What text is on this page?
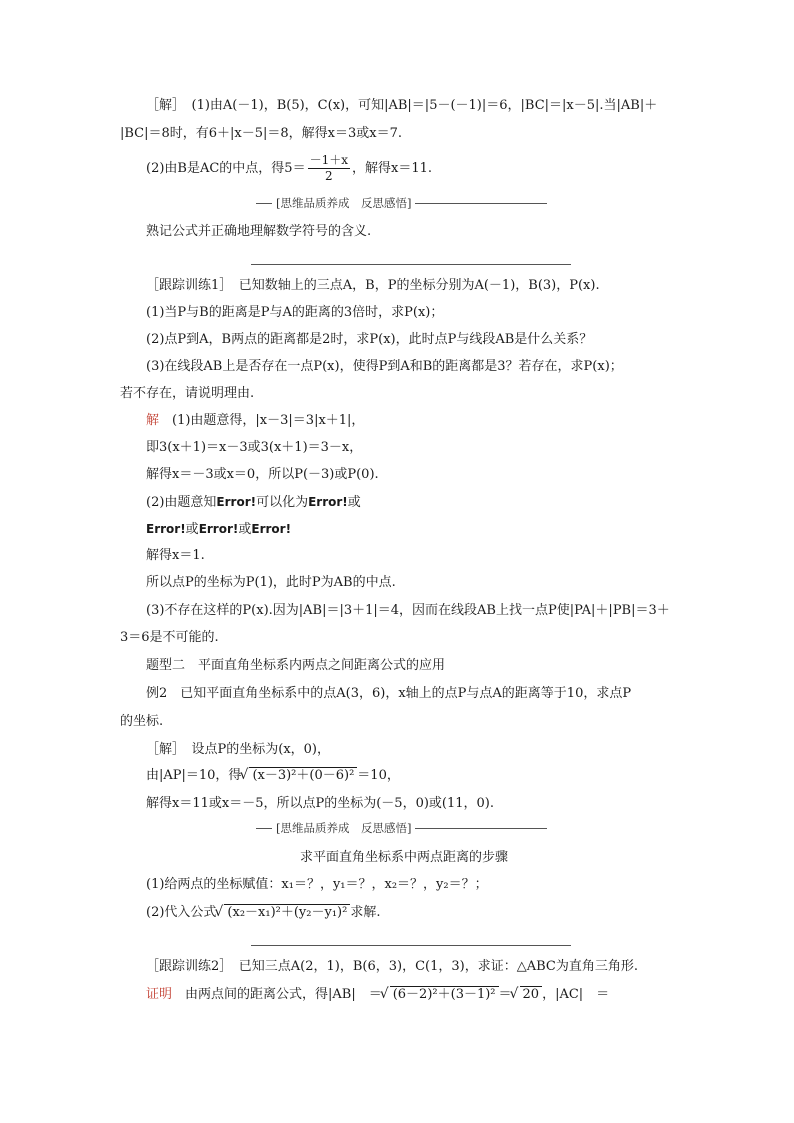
［解］　(1)由A(－1)，B(5)，C(x)，可知|AB|＝|5－(－1)|＝6，|BC|＝|x－5|.当|AB|＋
|BC|＝8时，有6＋|x－5|＝8，解得x＝3或x＝7.
(2)由B是AC的中点，得$5= \frac{-1+x}{2}$ ，解得x＝11.
[思维品质养成　反思感悟]
熟记公式并正确地理解数学符号的含义.
［跟踪训练1］　已知数轴上的三点A，B，P的坐标分别为A(－1)，B(3)，P(x).
(1)当P与B的距离是P与A的距离的3倍时，求P(x)；
(2)点P到A，B两点的距离都是2时，求P(x)，此时点P与线段AB是什么关系？
(3)在线段AB上是否存在一点P(x)，使得P到A和B的距离都是3？若存在，求P(x)；
若不存在，请说明理由.
解　(1)由题意得，|x－3|＝3|x＋1|，
即3(x＋1)＝x－3或3(x＋1)＝3－x，
解得x＝－3或x＝0，所以P(－3)或P(0).
(2)由题意知Error!可以化为Error!或
Error!或Error!或Error!
解得x＝1.
所以点P的坐标为P(1)，此时P为AB的中点.
(3)不存在这样的P(x).因为|AB|＝|3＋1|＝4，因而在线段AB上找一点P使|PA|＋|PB|＝3＋
3＝6是不可能的.
题型二　平面直角坐标系内两点之间距离公式的应用
例2　已知平面直角坐标系中的点A(3，6)，x轴上的点P与点A的距离等于10，求点P
的坐标.
［解］　设点P的坐标为(x，0)，
由|AP|＝10，得 √ (x－3)²＋(0－6)² ＝10，
解得x＝11或x＝－5，所以点P的坐标为(－5，0)或(11，0).
[思维品质养成　反思感悟]
求平面直角坐标系中两点距离的步骤
(1)给两点的坐标赋值：x₁＝？，y₁＝？，x₂＝？，y₂＝？；
(2)代入公式 √ (x₂－x₁)²＋(y₂－y₁)² 求解.
［跟踪训练2］　已知三点A(2，1)，B(6，3)，C(1，3)，求证：△ABC为直角三角形.
证明　由两点间的距离公式，得|AB|　＝ √ (6－2)²＋(3－1)² ＝ √ 20 ，|AC|　＝
